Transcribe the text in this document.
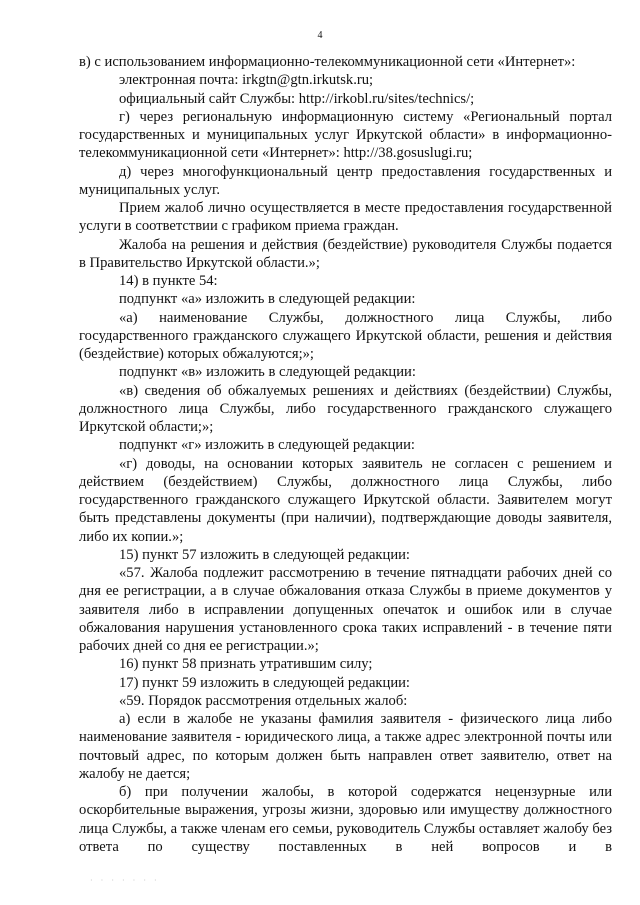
4

в) с использованием информационно-телекоммуникационной сети «Интернет»:

электронная почта: irkgtn@gtn.irkutsk.ru;

официальный сайт Службы: http://irkobl.ru/sites/technics/;

г) через региональную информационную систему «Региональный портал государственных и муниципальных услуг Иркутской области» в информационно-телекоммуникационной сети «Интернет»: http://38.gosuslugi.ru;

д) через многофункциональный центр предоставления государственных и муниципальных услуг.

Прием жалоб лично осуществляется в месте предоставления государственной услуги в соответствии с графиком приема граждан.

Жалоба на решения и действия (бездействие) руководителя Службы подается в Правительство Иркутской области.»;

14) в пункте 54:

подпункт «а» изложить в следующей редакции:

«а) наименование Службы, должностного лица Службы, либо государственного гражданского служащего Иркутской области, решения и действия (бездействие) которых обжалуются;»;

подпункт «в» изложить в следующей редакции:

«в) сведения об обжалуемых решениях и действиях (бездействии) Службы, должностного лица Службы, либо государственного гражданского служащего Иркутской области;»;

подпункт «г» изложить в следующей редакции:

«г) доводы, на основании которых заявитель не согласен с решением и действием (бездействием) Службы, должностного лица Службы, либо государственного гражданского служащего Иркутской области. Заявителем могут быть представлены документы (при наличии), подтверждающие доводы заявителя, либо их копии.»;

15) пункт 57 изложить в следующей редакции:

«57. Жалоба подлежит рассмотрению в течение пятнадцати рабочих дней со дня ее регистрации, а в случае обжалования отказа Службы в приеме документов у заявителя либо в исправлении допущенных опечаток и ошибок или в случае обжалования нарушения установленного срока таких исправлений - в течение пяти рабочих дней со дня ее регистрации.»;

16) пункт 58 признать утратившим силу;

17) пункт 59 изложить в следующей редакции:

«59. Порядок рассмотрения отдельных жалоб:

а) если в жалобе не указаны фамилия заявителя - физического лица либо наименование заявителя - юридического лица, а также адрес электронной почты или почтовый адрес, по которым должен быть направлен ответ заявителю, ответ на жалобу не дается;

б) при получении жалобы, в которой содержатся нецензурные или оскорбительные выражения, угрозы жизни, здоровью или имуществу должностного лица Службы, а также членам его семьи, руководитель Службы оставляет жалобу без ответа по существу поставленных в ней вопросов и в

· · · · · · ·
